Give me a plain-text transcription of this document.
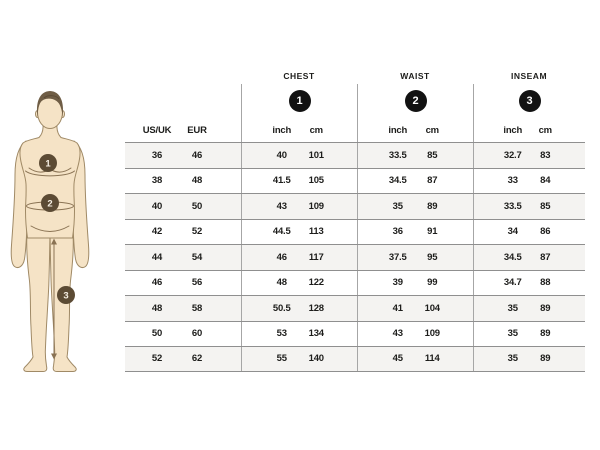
1
2
3
CHEST	WAIST	INSEAM
1	2	3
US/UK	EUR	inch	cm	inch	cm	inch	cm
36	46	40	101	33.5	85	32.7	83
38	48	41.5	105	34.5	87	33	84
40	50	43	109	35	89	33.5	85
42	52	44.5	113	36	91	34	86
44	54	46	117	37.5	95	34.5	87
46	56	48	122	39	99	34.7	88
48	58	50.5	128	41	104	35	89
50	60	53	134	43	109	35	89
52	62	55	140	45	114	35	89
